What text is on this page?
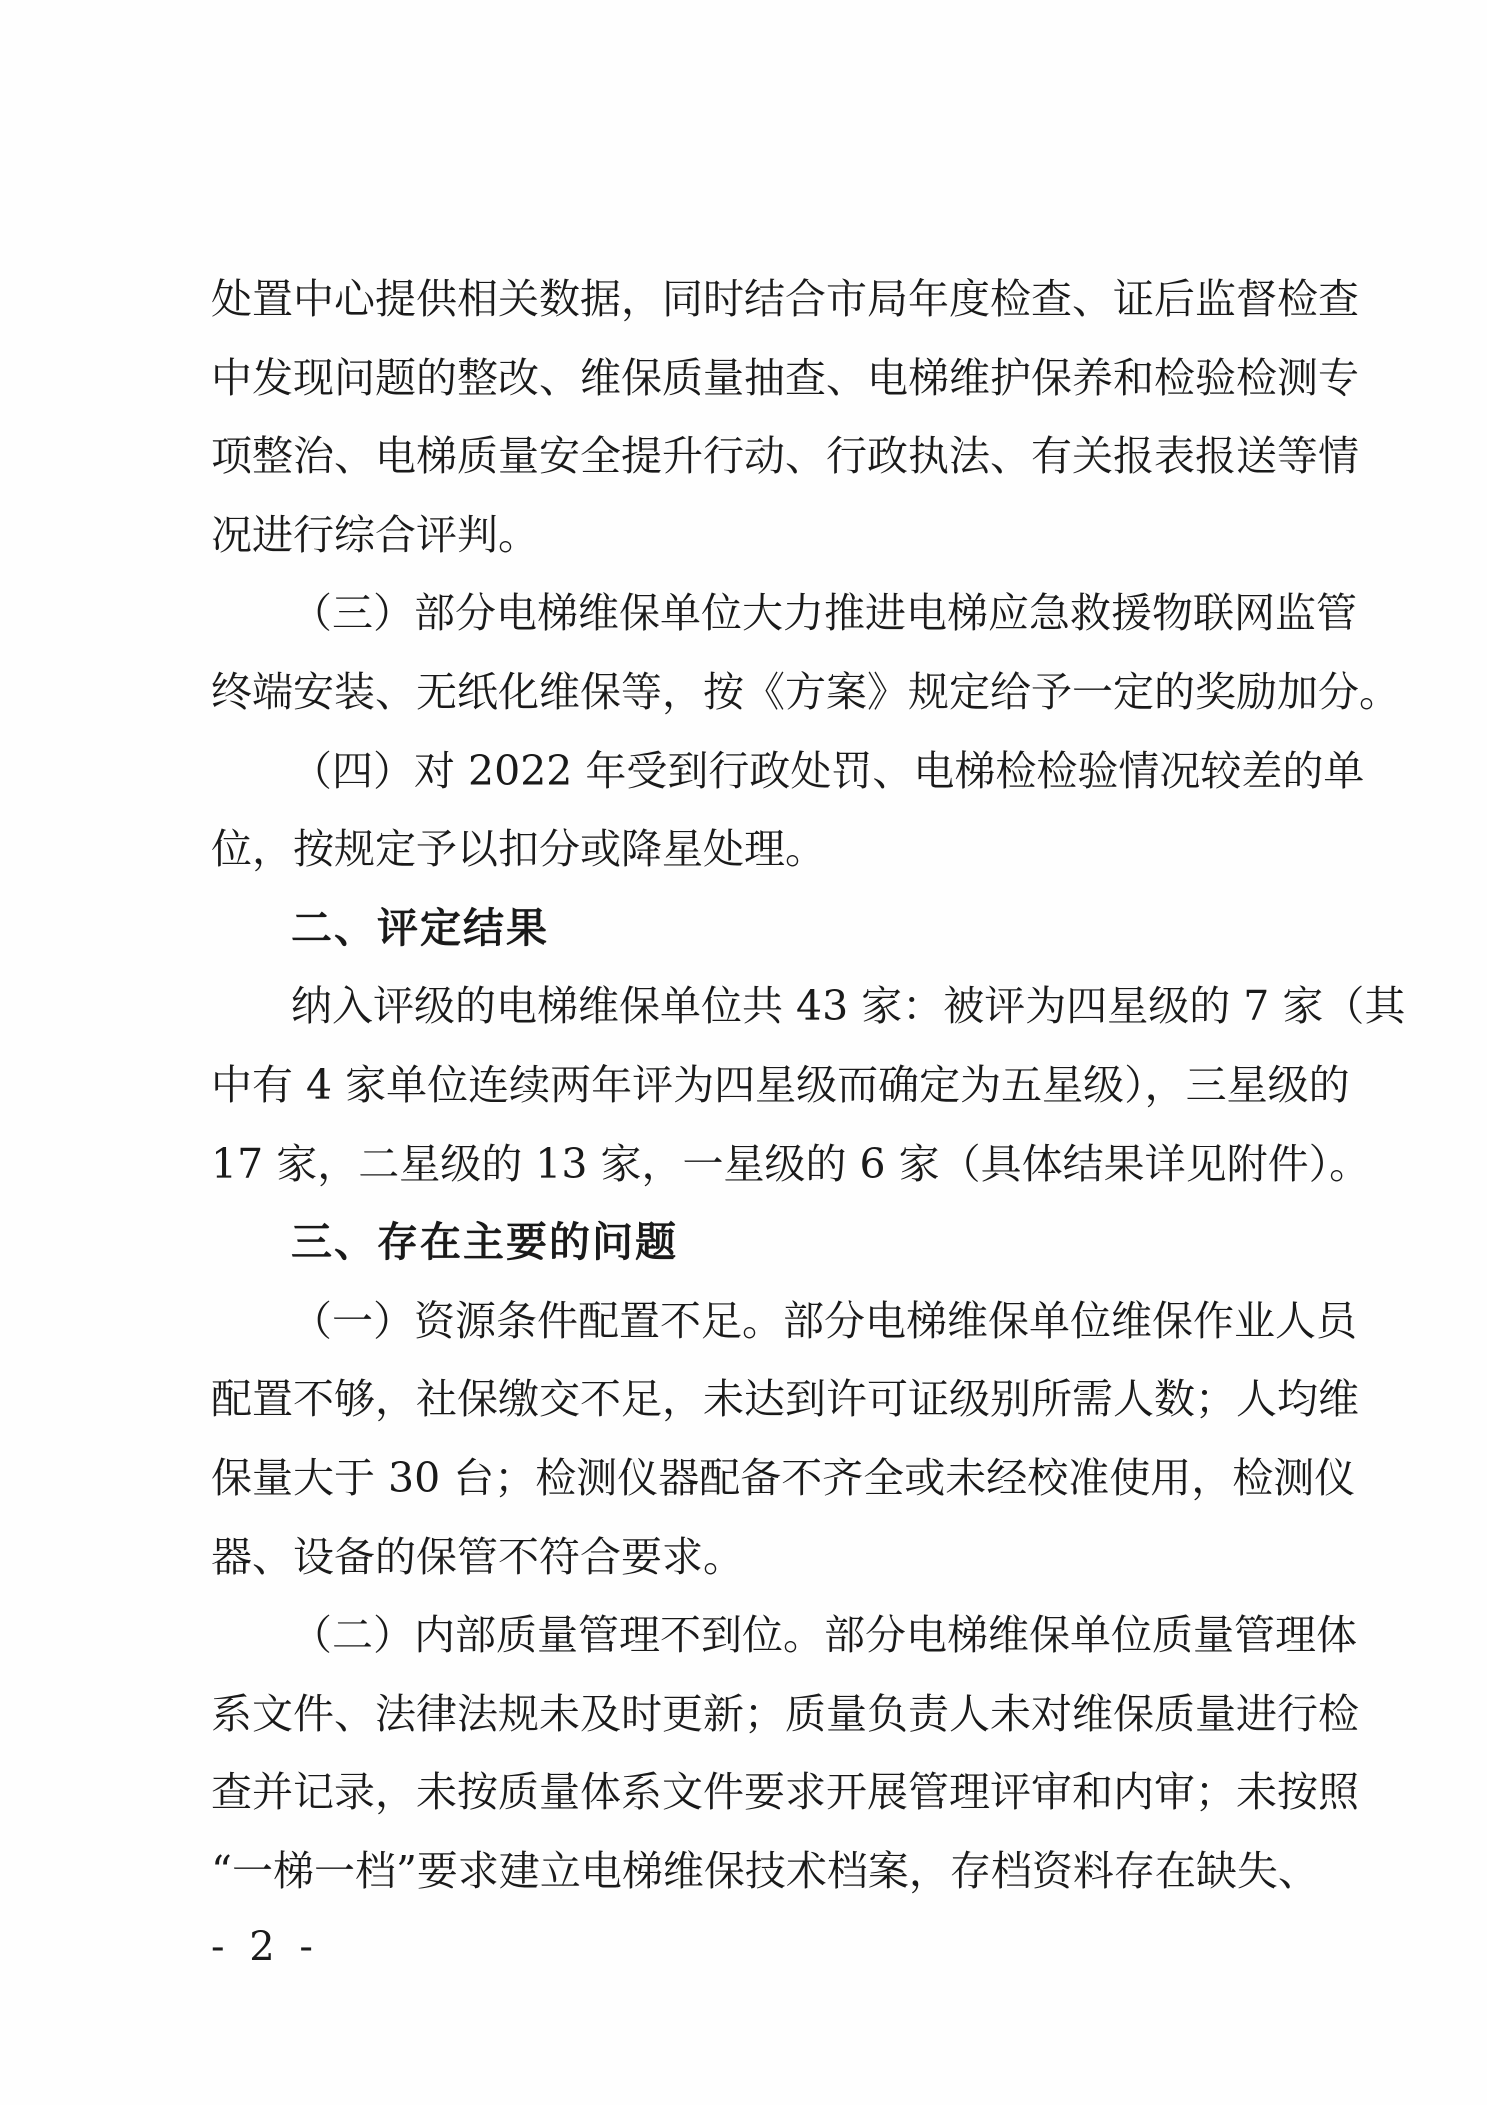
处置中心提供相关数据，同时结合市局年度检查、证后监督检查
中发现问题的整改、维保质量抽查、电梯维护保养和检验检测专
项整治、电梯质量安全提升行动、行政执法、有关报表报送等情
况进行综合评判。
（三）部分电梯维保单位大力推进电梯应急救援物联网监管
终端安装、无纸化维保等，按《方案》规定给予一定的奖励加分。
（四）对 2022 年受到行政处罚、电梯检检验情况较差的单
位，按规定予以扣分或降星处理。
二、评定结果
纳入评级的电梯维保单位共 43 家：被评为四星级的 7 家（其
中有 4 家单位连续两年评为四星级而确定为五星级），三星级的
17 家，二星级的 13 家，一星级的 6 家（具体结果详见附件）。
三、存在主要的问题
（一）资源条件配置不足。部分电梯维保单位维保作业人员
配置不够，社保缴交不足，未达到许可证级别所需人数；人均维
保量大于 30 台；检测仪器配备不齐全或未经校准使用，检测仪
器、设备的保管不符合要求。
（二）内部质量管理不到位。部分电梯维保单位质量管理体
系文件、法律法规未及时更新；质量负责人未对维保质量进行检
查并记录，未按质量体系文件要求开展管理评审和内审；未按照
“一梯一档”要求建立电梯维保技术档案，存档资料存在缺失、
- 2 -
